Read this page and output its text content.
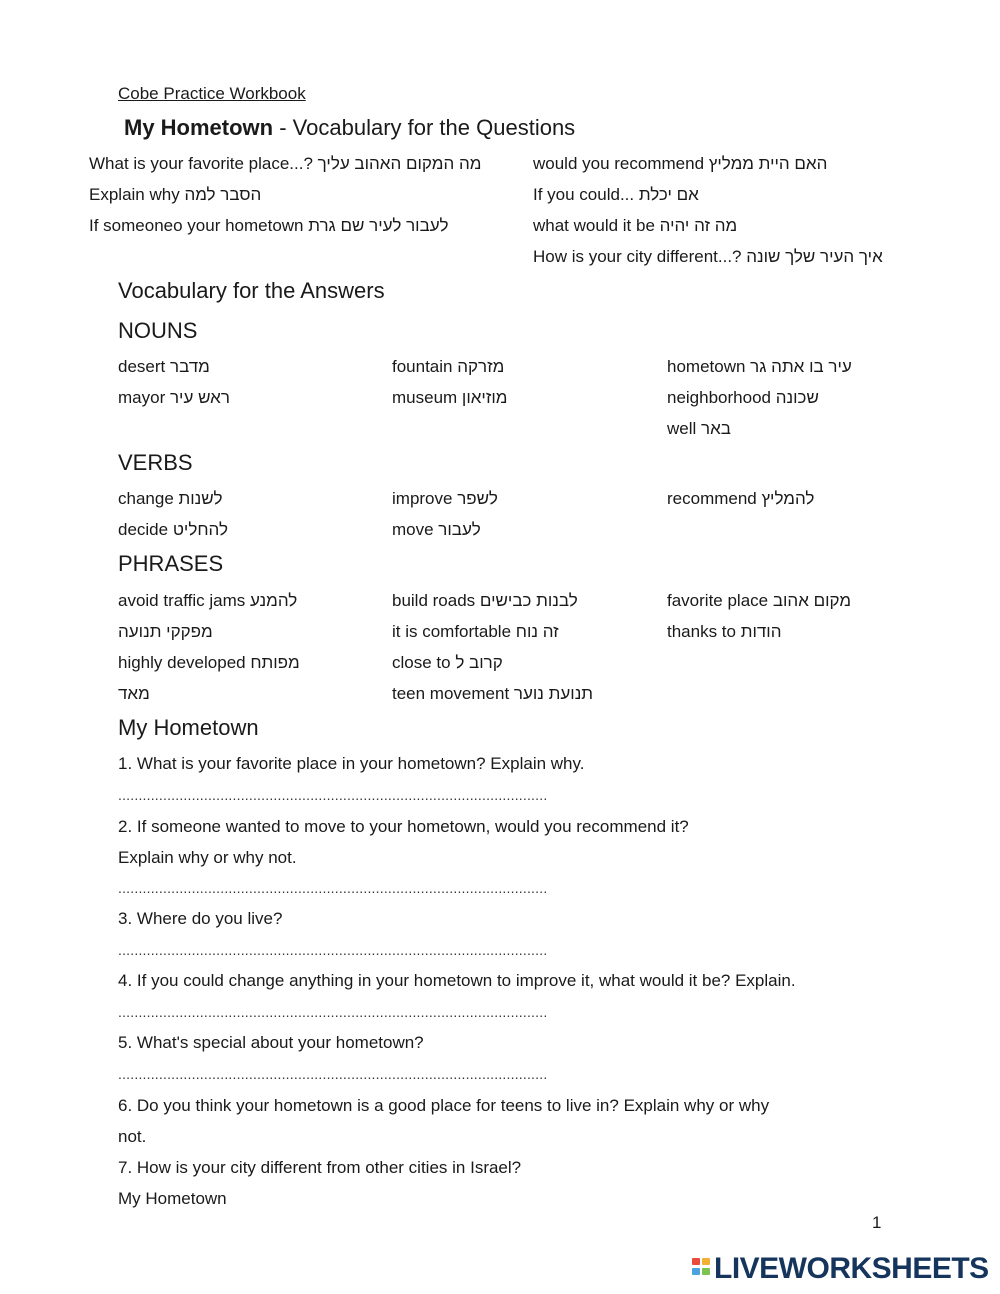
Cobe Practice Workbook
My Hometown - Vocabulary for the Questions
What is your favorite place...? מה המקום האהוב עליך
Explain why הסבר למה
If someoneo your hometown לעבור לעיר שם גרת
would you recommend האם היית ממליץ
If you could... אם יכלת
what would it be מה זה יהיה
How is your city different...? איך העיר שלך שונה
Vocabulary for the Answers
NOUNS
desert מדבר
mayor ראש עיר
fountain מזרקה
museum מוזיאון
hometown עיר בו אתה גר
neighborhood שכונה
well באר
VERBS
change לשנות
decide להחליט
improve לשפר
move לעבור
recommend להמליץ
PHRASES
avoid traffic jams להמנע
מפקקי תנועה
highly developed מפותח
מאד
build roads לבנות כבישים
it is comfortable זה נוח
close to קרוב ל
teen movement תנועת נוער
favorite place מקום אהוב
thanks to הודות
My Hometown
1. What is your favorite place in your hometown? Explain why.
.........................................................................................................
2. If someone wanted to move to your hometown, would you recommend it?
Explain why or why not.
.........................................................................................................
3. Where do you live?
.........................................................................................................
4. If you could change anything in your hometown to improve it, what would it be? Explain.
.........................................................................................................
5. What's special about your hometown?
.........................................................................................................
6. Do you think your hometown is a good place for teens to live in? Explain why or why
not.
7. How is your city different from other cities in Israel?
My Hometown
1
LIVEWORKSHEETS
